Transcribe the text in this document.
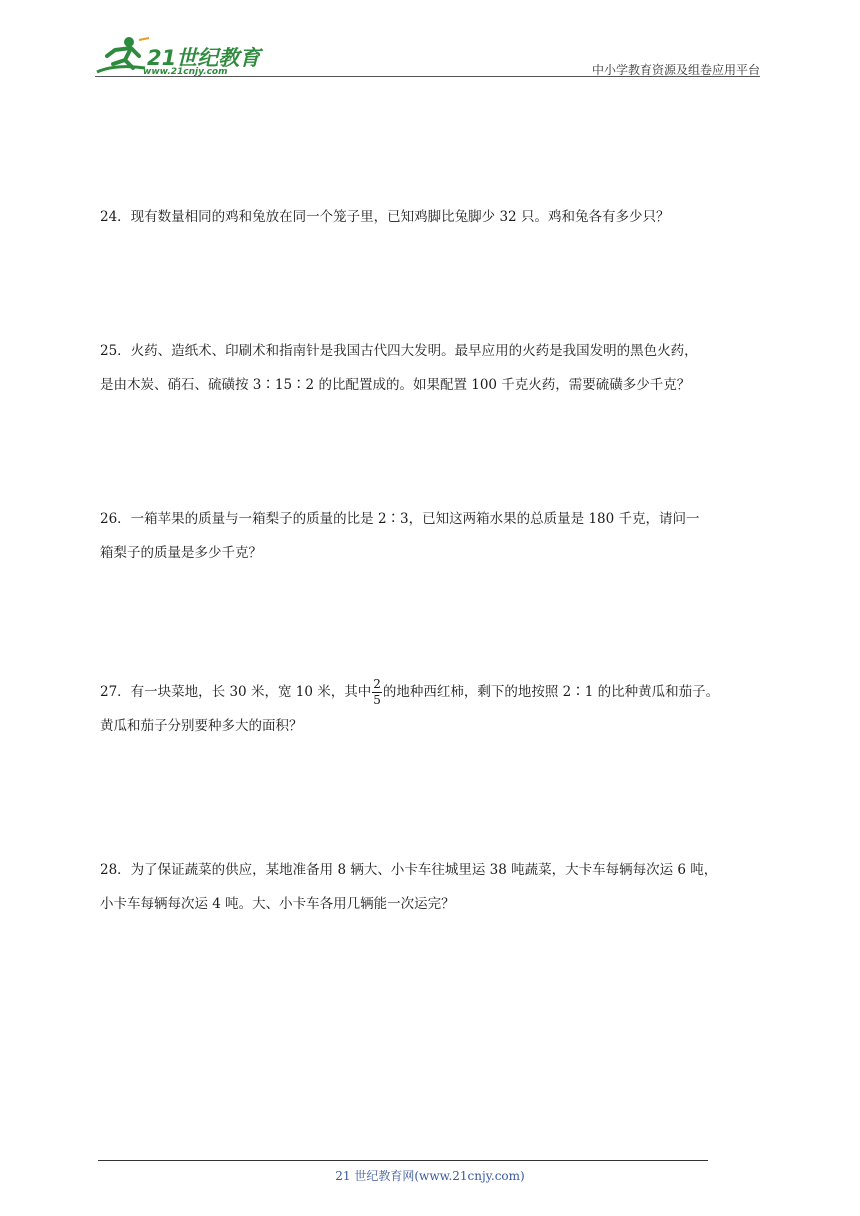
21世纪教育
www.21cnjy.com	中小学教育资源及组卷应用平台

24．现有数量相同的鸡和兔放在同一个笼子里，已知鸡脚比兔脚少 32 只。鸡和兔各有多少只？

25．火药、造纸术、印刷术和指南针是我国古代四大发明。最早应用的火药是我国发明的黑色火药，

是由木炭、硝石、硫磺按 3∶15∶2 的比配置成的。如果配置 100 千克火药，需要硫磺多少千克？

26．一箱苹果的质量与一箱梨子的质量的比是 2∶3，已知这两箱水果的总质量是 180 千克，请问一

箱梨子的质量是多少千克？

27．有一块菜地，长 30 米，宽 10 米，其中 $\frac{2}{5}$ 的地种西红柿，剩下的地按照 2∶1 的比种黄瓜和茄子。

黄瓜和茄子分别要种多大的面积？

28．为了保证蔬菜的供应，某地准备用 8 辆大、小卡车往城里运 38 吨蔬菜，大卡车每辆每次运 6 吨，

小卡车每辆每次运 4 吨。大、小卡车各用几辆能一次运完？

21 世纪教育网(www.21cnjy.com)
